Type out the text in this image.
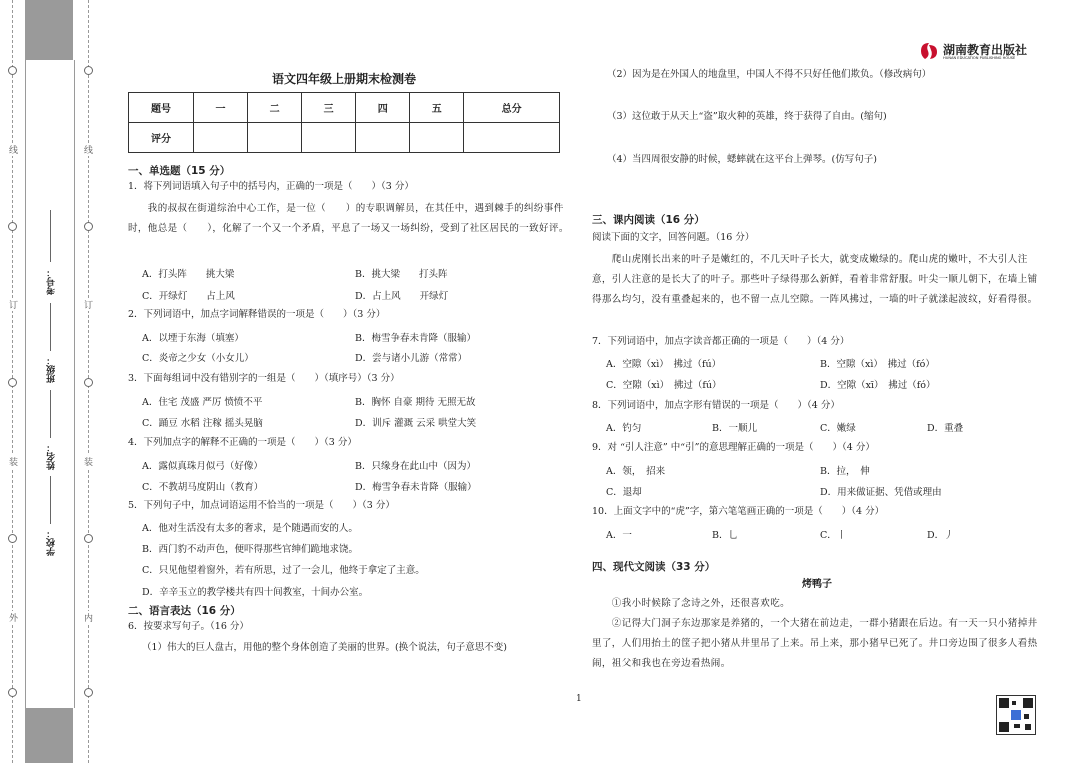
线
订
装
外
线
订
装
内
考号：
班级：
姓名：
学校：
湖南教育出版社
HUNAN EDUCATION PUBLISHING HOUSE
语文四年级上册期末检测卷
题号	一	二	三	四	五	总分
评分						
一、单选题（15 分）
1．将下列词语填入句子中的括号内，正确的一项是（　　）（3 分）
　　我的叔叔在街道综治中心工作，是一位（　　）的专职调解员，在其任中，遇到棘手的纠纷事件时，他总是（　　），化解了一个又一个矛盾，平息了一场又一场纠纷，受到了社区居民的一致好评。
A．打头阵　　挑大梁	B．挑大梁　　打头阵
C．开绿灯　　占上风	D．占上风　　开绿灯
2．下列词语中，加点字词解释错误的一项是（　　）（3 分）
A．以堙于东海（填塞）	B．梅雪争春未肯降（服输）
C．炎帝之少女（小女儿）	D．尝与诸小儿游（常常）
3．下面每组词中没有错别字的一组是（　　）（填序号）（3 分）
A．住宅 茂盛 严厉 愤愤不平	B．胸怀 自豪 期待 无照无故
C．踊豆 水稻 注稼 摇头晃脑	D．训斥 灌溉 云采 哄堂大笑
4．下列加点字的解释不正确的一项是（　　）（3 分）
A．露似真珠月似弓（好像）	B．只缘身在此山中（因为）
C．不教胡马度阴山（教育）	D．梅雪争春未肯降（服输）
5．下列句子中，加点词语运用不恰当的一项是（　　）（3 分）
A．他对生活没有太多的奢求，是个随遇而安的人。
B．西门豹不动声色，便吓得那些官绅们跪地求饶。
C．只见他望着窗外，若有所思，过了一会儿，他终于拿定了主意。
D．辛辛玉立的教学楼共有四十间教室，十间办公室。
二、语言表达（16 分）
6．按要求写句子。（16 分）
（1）伟大的巨人盘古，用他的整个身体创造了美丽的世界。(换个说法，句子意思不变)
（2）因为是在外国人的地盘里，中国人不得不只好任他们欺负。（修改病句）
（3）这位敢于从天上“盗”取火种的英雄，终于获得了自由。(缩句)
（4）当四周很安静的时候，蟋蟀就在这平台上弹琴。(仿写句子)
三、课内阅读（16 分）
阅读下面的文字，回答问题。（16 分）
　　爬山虎刚长出来的叶子是嫩红的，不几天叶子长大，就变成嫩绿的。爬山虎的嫩叶，不大引人注意，引人注意的是长大了的叶子。那些叶子绿得那么新鲜，看着非常舒服。叶尖一顺儿朝下，在墙上铺得那么均匀，没有重叠起来的，也不留一点儿空隙。一阵风拂过，一墙的叶子就漾起波纹，好看得很。
7．下列词语中，加点字读音都正确的一项是（　　）（4 分）
A．空隙（xì）　拂过（fú）	B．空隙（xì）　拂过（fó）
C．空隙（xì）　拂过（fú）	D．空隙（xī）　拂过（fó）
8．下列词语中，加点字形有错误的一项是（　　）（4 分）
A．钓匀	B．一顺儿	C．嫩绿	D．重叠
9．对 “引人注意” 中“引”的意思理解正确的一项是（　　）（4 分）
A．领，　招来	B．拉，　伸
C．退却	D．用来做证据、凭借或理由
10．上面文字中的“虎”字，第六笔笔画正确的一项是（　　）（4 分）
A．一	B．乚	C．丨	D．丿
四、现代文阅读（33 分）
烤鸭子
　　①我小时候除了念诗之外，还很喜欢吃。
　　②记得大门洞子东边那家是养猪的，一个大猪在前边走，一群小猪跟在后边。有一天一只小猪掉井里了，人们用抬土的筐子把小猪从井里吊了上来。吊上来，那小猪早已死了。井口旁边围了很多人看热闹，祖父和我也在旁边看热闹。
1
